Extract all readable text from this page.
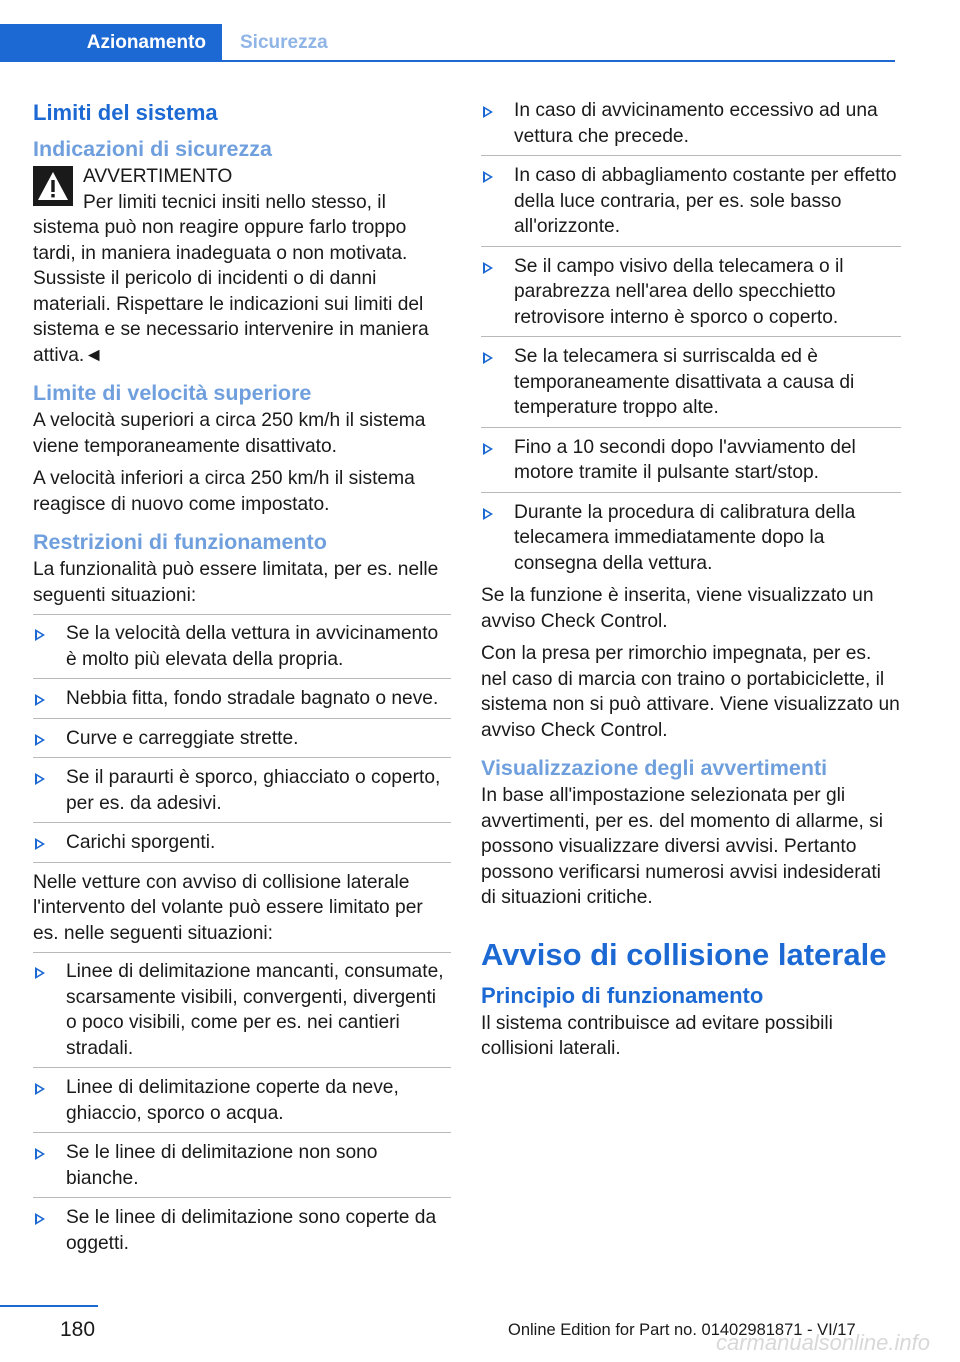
Azionamento Sicurezza
Limiti del sistema
Indicazioni di sicurezza
AVVERTIMENTO

Per limiti tecnici insiti nello stesso, il sistema può non reagire oppure farlo troppo tardi, in maniera inadeguata o non motivata. Sussiste il pericolo di incidenti o di danni materiali. Rispettare le indicazioni sui limiti del sistema e se necessario intervenire in maniera attiva.◄

Limite di velocità superiore

A velocità superiori a circa 250 km/h il sistema viene temporaneamente disattivato.

A velocità inferiori a circa 250 km/h il sistema reagisce di nuovo come impostato.

Restrizioni di funzionamento

La funzionalità può essere limitata, per es. nelle seguenti situazioni:

Se la velocità della vettura in avvicinamento è molto più elevata della propria.
Nebbia fitta, fondo stradale bagnato o neve.
Curve e carreggiate strette.
Se il paraurti è sporco, ghiacciato o coperto, per es. da adesivi.
Carichi sporgenti.

Nelle vetture con avviso di collisione laterale l'intervento del volante può essere limitato per es. nelle seguenti situazioni:

Linee di delimitazione mancanti, consumate, scarsamente visibili, convergenti, divergenti o poco visibili, come per es. nei cantieri stradali.
Linee di delimitazione coperte da neve, ghiaccio, sporco o acqua.
Se le linee di delimitazione non sono bianche.
Se le linee di delimitazione sono coperte da oggetti.
In caso di avvicinamento eccessivo ad una vettura che precede.
In caso di abbagliamento costante per effetto della luce contraria, per es. sole basso all'orizzonte.
Se il campo visivo della telecamera o il parabrezza nell'area dello specchietto retrovisore interno è sporco o coperto.
Se la telecamera si surriscalda ed è temporaneamente disattivata a causa di temperature troppo alte.
Fino a 10 secondi dopo l'avviamento del motore tramite il pulsante start/stop.
Durante la procedura di calibratura della telecamera immediatamente dopo la consegna della vettura.

Se la funzione è inserita, viene visualizzato un avviso Check Control.

Con la presa per rimorchio impegnata, per es. nel caso di marcia con traino o portabiciclette, il sistema non si può attivare. Viene visualizzato un avviso Check Control.

Visualizzazione degli avvertimenti

In base all'impostazione selezionata per gli avvertimenti, per es. del momento di allarme, si possono visualizzare diversi avvisi. Pertanto possono verificarsi numerosi avvisi indesiderati di situazioni critiche.

Avviso di collisione laterale
Principio di funzionamento

Il sistema contribuisce ad evitare possibili collisioni laterali.

180	Online Edition for Part no. 01402981871 - VI/17
carmanualsonline.info
